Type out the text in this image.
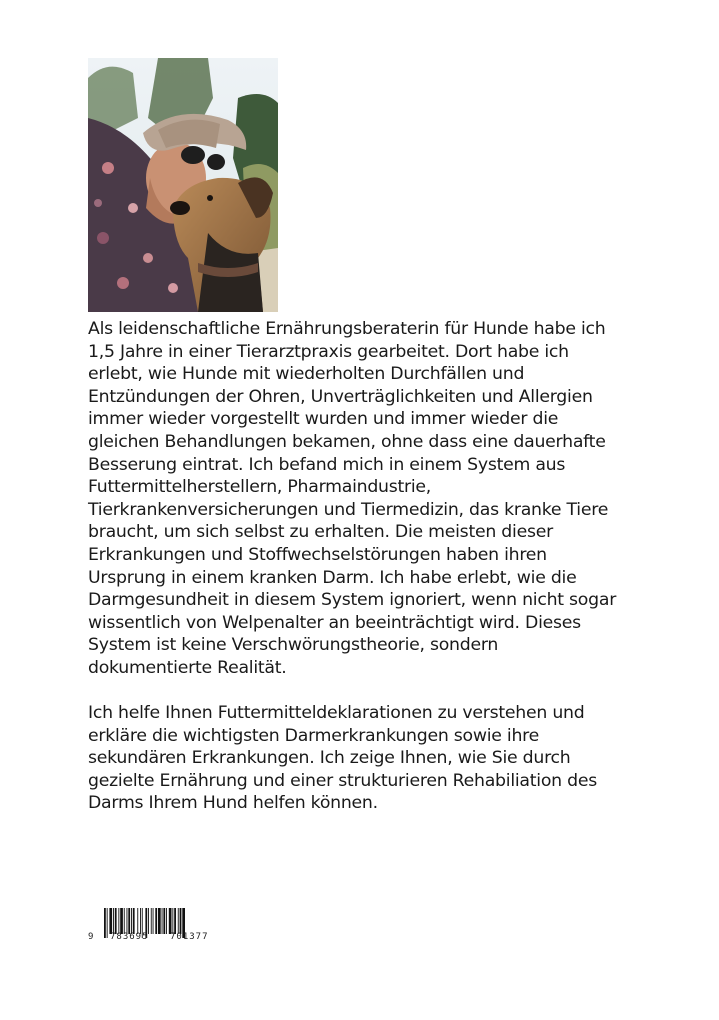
Als leidenschaftliche Ernährungsberaterin für Hunde habe ich
1,5 Jahre in einer Tierarztpraxis gearbeitet. Dort habe ich
erlebt, wie Hunde mit wiederholten Durchfällen und
Entzündungen der Ohren, Unverträglichkeiten und Allergien
immer wieder vorgestellt wurden und immer wieder die
gleichen Behandlungen bekamen, ohne dass eine dauerhafte
Besserung eintrat. Ich befand mich in einem System aus
Futtermittelherstellern, Pharmaindustrie,
Tierkrankenversicherungen und Tiermedizin, das kranke Tiere
braucht, um sich selbst zu erhalten. Die meisten dieser
Erkrankungen und Stoffwechselstörungen haben ihren
Ursprung in einem kranken Darm. Ich habe erlebt, wie die
Darmgesundheit in diesem System ignoriert, wenn nicht sogar
wissentlich von Welpenalter an beeinträchtigt wird. Dieses
System ist keine Verschwörungstheorie, sondern
dokumentierte Realität.

Ich helfe Ihnen Futtermitteldeklarationen zu verstehen und
erkläre die wichtigsten Darmerkrankungen sowie ihre
sekundären Erkrankungen. Ich zeige Ihnen, wie Sie durch
gezielte Ernährung und einer strukturieren Rehabiliation des
Darms Ihrem Hund helfen können.

9 783695 701377
